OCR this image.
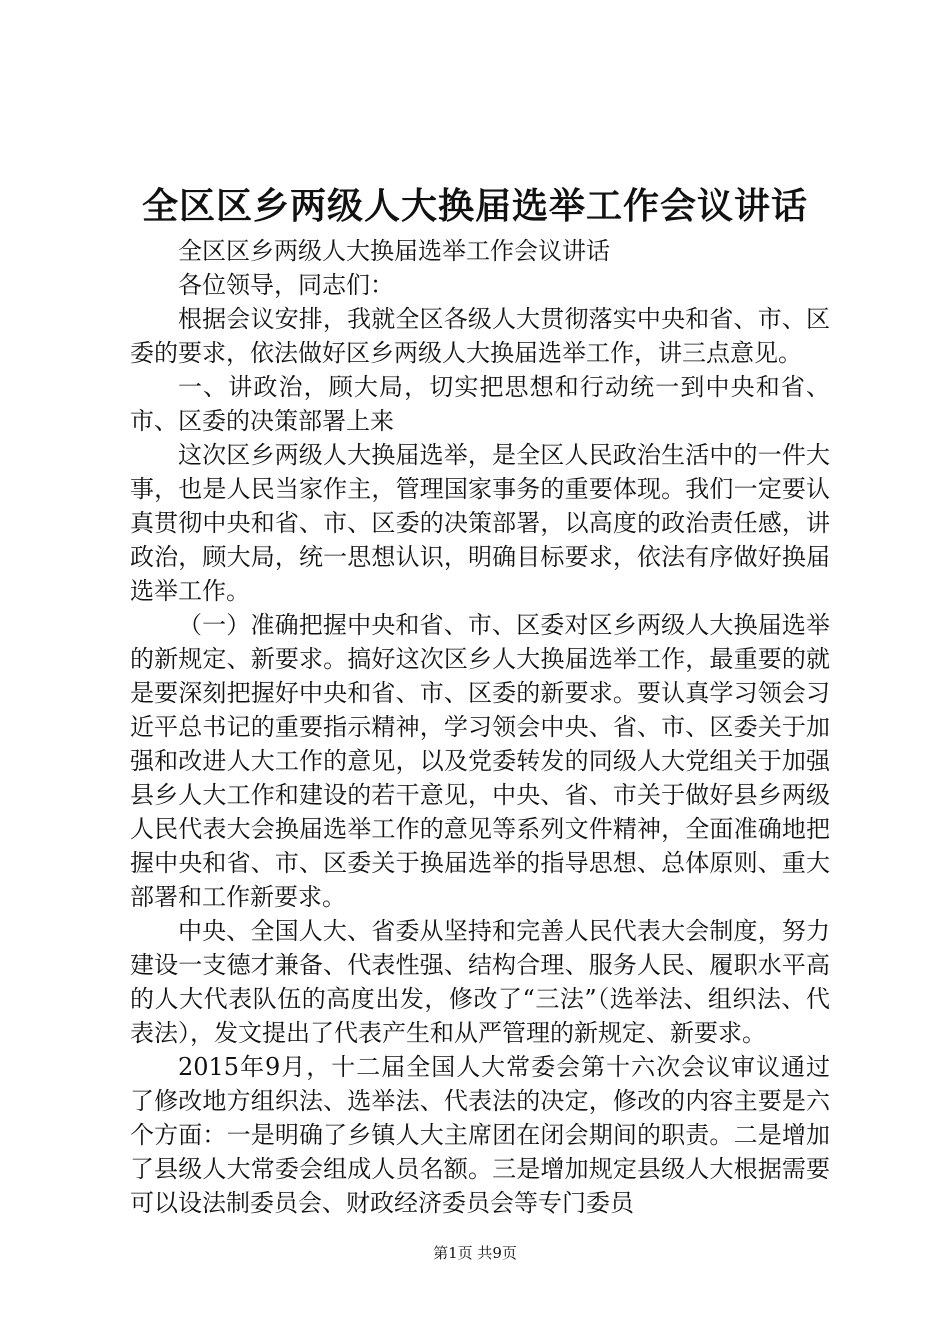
全区区乡两级人大换届选举工作会议讲话

全区区乡两级人大换届选举工作会议讲话

各位领导，同志们：

根据会议安排，我就全区各级人大贯彻落实中央和省、市、区委的要求，依法做好区乡两级人大换届选举工作，讲三点意见。

一、讲政治，顾大局，切实把思想和行动统一到中央和省、市、区委的决策部署上来

这次区乡两级人大换届选举，是全区人民政治生活中的一件大事，也是人民当家作主，管理国家事务的重要体现。我们一定要认真贯彻中央和省、市、区委的决策部署，以高度的政治责任感，讲政治，顾大局，统一思想认识，明确目标要求，依法有序做好换届选举工作。

（一）准确把握中央和省、市、区委对区乡两级人大换届选举的新规定、新要求。搞好这次区乡人大换届选举工作，最重要的就是要深刻把握好中央和省、市、区委的新要求。要认真学习领会习近平总书记的重要指示精神，学习领会中央、省、市、区委关于加强和改进人大工作的意见，以及党委转发的同级人大党组关于加强县乡人大工作和建设的若干意见，中央、省、市关于做好县乡两级人民代表大会换届选举工作的意见等系列文件精神，全面准确地把握中央和省、市、区委关于换届选举的指导思想、总体原则、重大部署和工作新要求。

中央、全国人大、省委从坚持和完善人民代表大会制度，努力建设一支德才兼备、代表性强、结构合理、服务人民、履职水平高的人大代表队伍的高度出发，修改了“三法”（选举法、组织法、代表法），发文提出了代表产生和从严管理的新规定、新要求。

2015年9月，十二届全国人大常委会第十六次会议审议通过了修改地方组织法、选举法、代表法的决定，修改的内容主要是六个方面：一是明确了乡镇人大主席团在闭会期间的职责。二是增加了县级人大常委会组成人员名额。三是增加规定县级人大根据需要可以设法制委员会、财政经济委员会等专门委员

第1页 共9页
